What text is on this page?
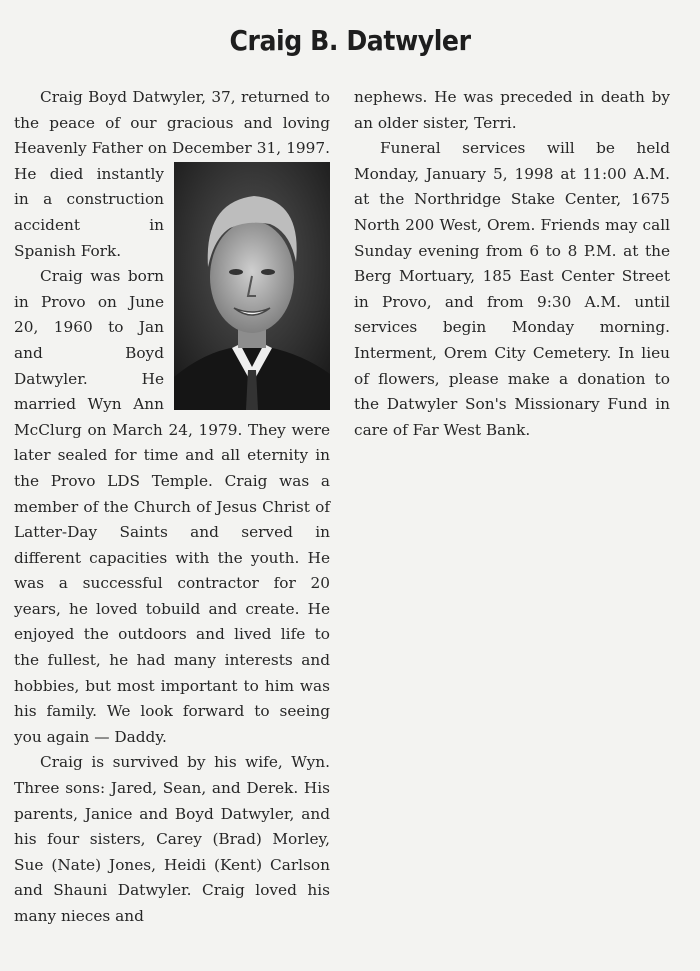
Craig B. Datwyler

Craig Boyd Datwyler, 37, returned to the peace of our gracious and loving Heavenly Father on December 31, 1997. He died instantly in a construction accident in Spanish Fork.

Craig was born in Provo on June 20, 1960 to Jan and Boyd Datwyler. He married Wyn Ann McClurg on March 24, 1979. They were later sealed for time and all eternity in the Provo LDS Temple. Craig was a member of the Church of Jesus Christ of Latter-Day Saints and served in different capacities with the youth. He was a successful contractor for 20 years, he loved tobuild and create. He enjoyed the outdoors and lived life to the fullest, he had many interests and hobbies, but most important to him was his family. We look forward to seeing you again — Daddy.

Craig is survived by his wife, Wyn. Three sons: Jared, Sean, and Derek. His parents, Janice and Boyd Datwyler, and his four sisters, Carey (Brad) Morley, Sue (Nate) Jones, Heidi (Kent) Carlson and Shauni Datwyler. Craig loved his many nieces and

nephews. He was preceded in death by an older sister, Terri.

Funeral services will be held Monday, January 5, 1998 at 11:00 A.M. at the Northridge Stake Center, 1675 North 200 West, Orem. Friends may call Sunday evening from 6 to 8 P.M. at the Berg Mortuary, 185 East Center Street in Provo, and from 9:30 A.M. until services begin Monday morning. Interment, Orem City Cemetery. In lieu of flowers, please make a donation to the Datwyler Son's Missionary Fund in care of Far West Bank.
